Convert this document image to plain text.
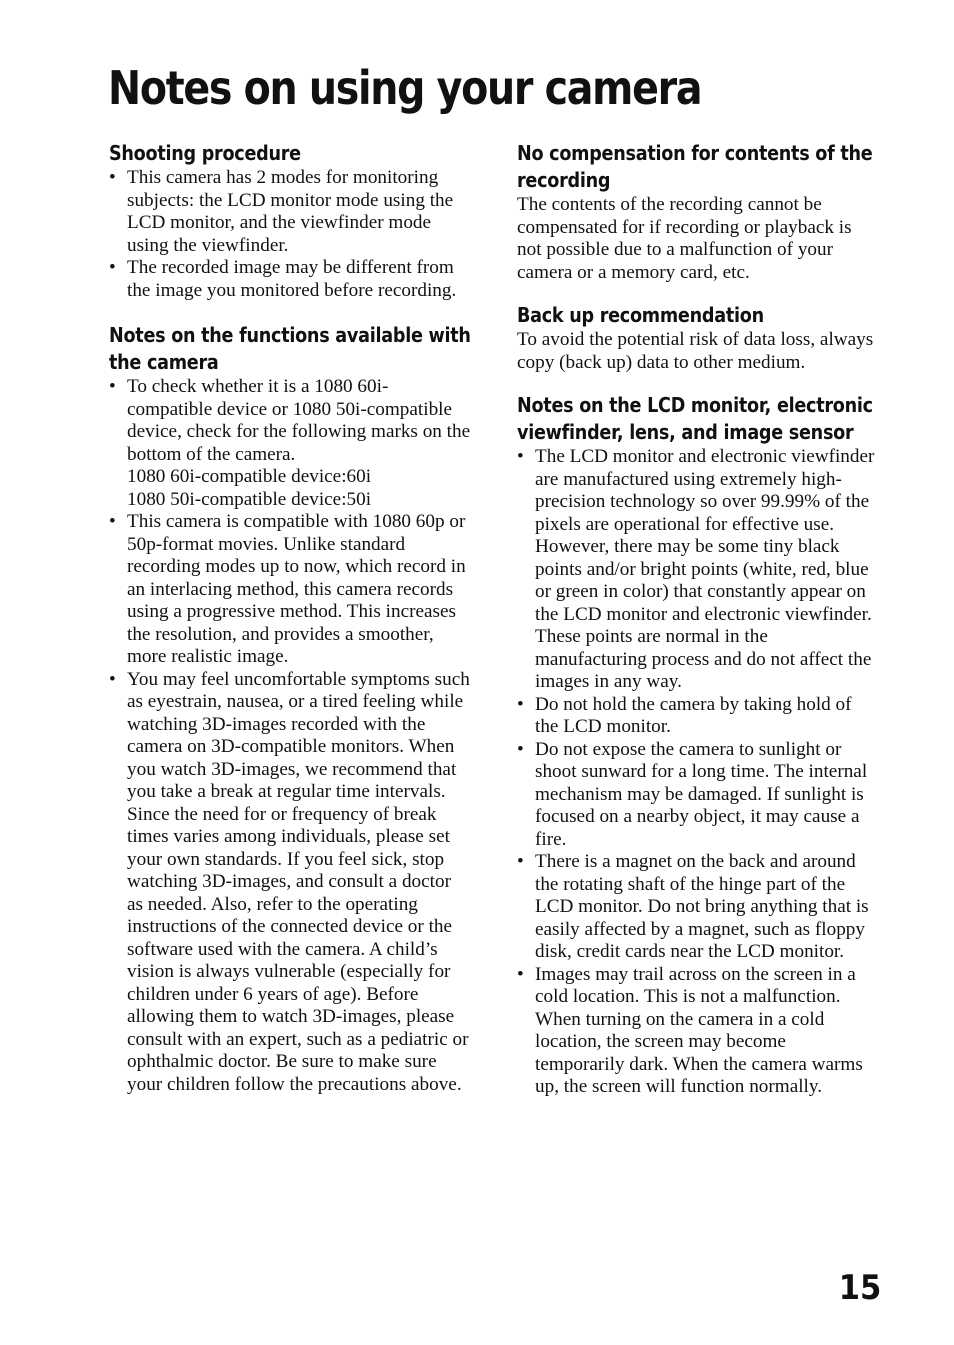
Notes on using your camera
Shooting procedure
• This camera has 2 modes for monitoring subjects: the LCD monitor mode using the LCD monitor, and the viewfinder mode using the viewfinder.
• The recorded image may be different from the image you monitored before recording.
Notes on the functions available with the camera
• To check whether it is a 1080 60i-compatible device or 1080 50i-compatible device, check for the following marks on the bottom of the camera.
1080 60i-compatible device:60i
1080 50i-compatible device:50i
• This camera is compatible with 1080 60p or 50p-format movies. Unlike standard recording modes up to now, which record in an interlacing method, this camera records using a progressive method. This increases the resolution, and provides a smoother, more realistic image.
• You may feel uncomfortable symptoms such as eyestrain, nausea, or a tired feeling while watching 3D-images recorded with the camera on 3D-compatible monitors. When you watch 3D-images, we recommend that you take a break at regular time intervals. Since the need for or frequency of break times varies among individuals, please set your own standards. If you feel sick, stop watching 3D-images, and consult a doctor as needed. Also, refer to the operating instructions of the connected device or the software used with the camera. A child’s vision is always vulnerable (especially for children under 6 years of age). Before allowing them to watch 3D-images, please consult with an expert, such as a pediatric or ophthalmic doctor. Be sure to make sure your children follow the precautions above.
No compensation for contents of the recording

The contents of the recording cannot be compensated for if recording or playback is not possible due to a malfunction of your camera or a memory card, etc.

Back up recommendation

To avoid the potential risk of data loss, always copy (back up) data to other medium.

Notes on the LCD monitor, electronic viewfinder, lens, and image sensor
• The LCD monitor and electronic viewfinder are manufactured using extremely high-precision technology so over 99.99% of the pixels are operational for effective use. However, there may be some tiny black points and/or bright points (white, red, blue or green in color) that constantly appear on the LCD monitor and electronic viewfinder. These points are normal in the manufacturing process and do not affect the images in any way.
• Do not hold the camera by taking hold of the LCD monitor.
• Do not expose the camera to sunlight or shoot sunward for a long time. The internal mechanism may be damaged. If sunlight is focused on a nearby object, it may cause a fire.
• There is a magnet on the back and around the rotating shaft of the hinge part of the LCD monitor. Do not bring anything that is easily affected by a magnet, such as floppy disk, credit cards near the LCD monitor.
• Images may trail across on the screen in a cold location. This is not a malfunction. When turning on the camera in a cold location, the screen may become temporarily dark. When the camera warms up, the screen will function normally.
15
